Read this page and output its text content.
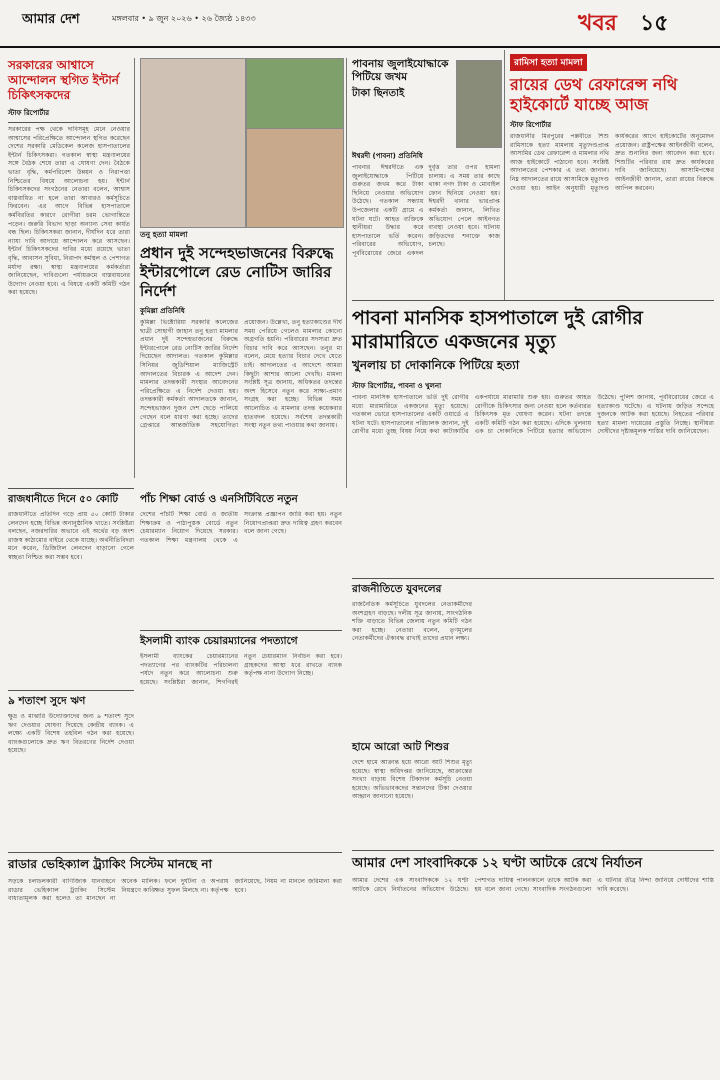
আমার দেশ	মঙ্গলবার • ৯ জুন ২০২৬ • ২৬ জ্যৈষ্ঠ ১৪৩৩	খবর ১৫
সরকারের আশ্বাসে আন্দোলন স্থগিত ইন্টার্ন চিকিৎসকদের
স্টাফ রিপোর্টার
সরকারের পক্ষ থেকে দাবিসমূহ মেনে নেওয়ার আশ্বাসের পরিপ্রেক্ষিতে আন্দোলন স্থগিত করেছেন দেশের সরকারি মেডিকেল কলেজ হাসপাতালের ইন্টার্ন চিকিৎসকরা। গতকাল স্বাস্থ্য মন্ত্রণালয়ের সঙ্গে বৈঠক শেষে তারা এ ঘোষণা দেন। বৈঠকে ভাতা বৃদ্ধি, কর্মপরিবেশ উন্নয়ন ও নিরাপত্তা নিশ্চিতের বিষয়ে আলোচনা হয়। ইন্টার্ন চিকিৎসকদের সংগঠনের নেতারা বলেন, আশ্বাস বাস্তবায়িত না হলে তারা আবারও কর্মসূচিতে ফিরবেন। এর আগে বিভিন্ন হাসপাতালে কর্মবিরতির কারণে রোগীরা চরম ভোগান্তিতে পড়েন। জরুরি বিভাগ ছাড়া অন্যান্য সেবা কার্যত বন্ধ ছিল। চিকিৎসকরা জানান, দীর্ঘদিন ধরে তারা ন্যায্য দাবি আদায়ে আন্দোলন করে আসছেন। ইন্টার্ন চিকিৎসকদের দাবির মধ্যে রয়েছে ভাতা বৃদ্ধি, আবাসন সুবিধা, নিরাপদ কর্মস্থল ও পেশাগত মর্যাদা রক্ষা। স্বাস্থ্য মন্ত্রণালয়ের কর্মকর্তারা জানিয়েছেন, দাবিগুলো পর্যায়ক্রমে বাস্তবায়নের উদ্যোগ নেওয়া হবে। এ বিষয়ে একটি কমিটি গঠন করা হয়েছে।
তনু হত্যা মামলা
প্রধান দুই সন্দেহভাজনের বিরুদ্ধে ইন্টারপোলে রেড নোটিস জারির নির্দেশ
কুমিল্লা প্রতিনিধি
কুমিল্লা ভিক্টোরিয়া সরকারি কলেজের ছাত্রী সোহাগী জাহান তনু হত্যা মামলার প্রধান দুই সন্দেহভাজনের বিরুদ্ধে ইন্টারপোলে রেড নোটিস জারির নির্দেশ দিয়েছেন আদালত। গতকাল কুমিল্লার সিনিয়র জুডিশিয়াল ম্যাজিস্ট্রেট আদালতের বিচারক এ আদেশ দেন। মামলার তদন্তকারী সংস্থার আবেদনের পরিপ্রেক্ষিতে এ নির্দেশ দেওয়া হয়। তদন্তকারী কর্মকর্তা আদালতকে জানান, সন্দেহভাজন দুজন দেশ ছেড়ে পালিয়ে গেছেন বলে ধারণা করা হচ্ছে। তাদের গ্রেপ্তারে আন্তর্জাতিক সহযোগিতা প্রয়োজন। উল্লেখ্য, তনু হত্যাকাণ্ডের দীর্ঘ সময় পেরিয়ে গেলেও মামলার কোনো অগ্রগতি হয়নি। পরিবারের সদস্যরা দ্রুত বিচার দাবি করে আসছেন। তনুর মা বলেন, মেয়ে হত্যার বিচার দেখে যেতে চাই। আদালতের এ আদেশে আমরা কিছুটা আশার আলো দেখছি। মামলা সংশ্লিষ্ট সূত্র জানায়, অধিকতর তদন্তের অংশ হিসেবে নতুন করে সাক্ষ্য-প্রমাণ সংগ্রহ করা হচ্ছে। বিভিন্ন সময় আলোচিত এ মামলার তদন্ত কয়েকবার হাতবদল হয়েছে। সর্বশেষ তদন্তকারী সংস্থা নতুন তথ্য পাওয়ার কথা জানায়।
পাবনায় জুলাইযোদ্ধাকে পিটিয়ে জখম
টাকা ছিনতাই
ঈশ্বরদী (পাবনা) প্রতিনিধি
পাবনার ঈশ্বরদীতে এক জুলাইযোদ্ধাকে পিটিয়ে গুরুতর জখম করে টাকা ছিনিয়ে নেওয়ার অভিযোগ উঠেছে। গতকাল সন্ধ্যায় উপজেলার একটি গ্রামে এ ঘটনা ঘটে। আহত ব্যক্তিকে স্থানীয়রা উদ্ধার করে হাসপাতালে ভর্তি করেন। পরিবারের অভিযোগ, পূর্ববিরোধের জেরে একদল দুর্বৃত্ত তার ওপর হামলা চালায়। এ সময় তার কাছে থাকা নগদ টাকা ও মোবাইল ফোন ছিনিয়ে নেওয়া হয়। ঈশ্বরদী থানার ভারপ্রাপ্ত কর্মকর্তা জানান, লিখিত অভিযোগ পেলে আইনগত ব্যবস্থা নেওয়া হবে। ঘটনায় জড়িতদের শনাক্তে কাজ চলছে।
রামিসা হত্যা মামলা
রায়ের ডেথ রেফারেন্স নথি হাইকোর্টে যাচ্ছে আজ
স্টাফ রিপোর্টার
রাজধানীর মিরপুরের পল্লবীতে শিশু রামিসাকে হত্যা মামলায় মৃত্যুদণ্ডপ্রাপ্ত আসামির ডেথ রেফারেন্স ও মামলার নথি আজ হাইকোর্টে পাঠানো হবে। সংশ্লিষ্ট আদালতের পেশকার এ তথ্য জানান। নিম্ন আদালতের রায়ে আসামিকে মৃত্যুদণ্ড দেওয়া হয়। আইন অনুযায়ী মৃত্যুদণ্ড কার্যকরের আগে হাইকোর্টের অনুমোদন প্রয়োজন। রাষ্ট্রপক্ষের আইনজীবী বলেন, দ্রুত শুনানির জন্য আবেদন করা হবে। শিশুটির পরিবার রায় দ্রুত কার্যকরের দাবি জানিয়েছে। আসামিপক্ষের আইনজীবী জানান, তারা রায়ের বিরুদ্ধে আপিল করবেন।
পাবনা মানসিক হাসপাতালে দুই রোগীর মারামারিতে একজনের মৃত্যু
খুনলায় চা দোকানিকে পিটিয়ে হত্যা
স্টাফ রিপোর্টার, পাবনা ও খুলনা
পাবনা মানসিক হাসপাতালে ভর্তি দুই রোগীর মধ্যে মারামারিতে একজনের মৃত্যু হয়েছে। গতকাল ভোরে হাসপাতালের একটি ওয়ার্ডে এ ঘটনা ঘটে। হাসপাতালের পরিচালক জানান, দুই রোগীর মধ্যে তুচ্ছ বিষয় নিয়ে কথা কাটাকাটির একপর্যায়ে মারামারি শুরু হয়। গুরুতর আহত রোগীকে চিকিৎসার জন্য নেওয়া হলে কর্তব্যরত চিকিৎসক মৃত ঘোষণা করেন। ঘটনা তদন্তে একটি কমিটি গঠন করা হয়েছে। এদিকে খুলনায় এক চা দোকানিকে পিটিয়ে হত্যার অভিযোগ উঠেছে। পুলিশ জানায়, পূর্ববিরোধের জেরে এ হত্যাকাণ্ড ঘটেছে। এ ঘটনায় জড়িত সন্দেহে দুজনকে আটক করা হয়েছে। নিহতের পরিবার হত্যা মামলা দায়েরের প্রস্তুতি নিচ্ছে। স্থানীয়রা দোষীদের দৃষ্টান্তমূলক শাস্তির দাবি জানিয়েছেন।
রাজধানীতে দিনে ৫০ কোটি
রাজধানীতে প্রতিদিন গড়ে প্রায় ৫০ কোটি টাকার লেনদেন হচ্ছে বিভিন্ন অনানুষ্ঠানিক খাতে। সংশ্লিষ্টরা বলছেন, নজরদারির অভাবে এই অর্থের বড় অংশ রাজস্ব কাঠামোর বাইরে থেকে যাচ্ছে। অর্থনীতিবিদরা মনে করেন, ডিজিটাল লেনদেন বাড়ানো গেলে স্বচ্ছতা নিশ্চিত করা সম্ভব হবে।
পাঁচ শিক্ষা বোর্ড ও এনসিটিবিতে নতুন
দেশের পাঁচটি শিক্ষা বোর্ড ও জাতীয় শিক্ষাক্রম ও পাঠ্যপুস্তক বোর্ডে নতুন চেয়ারম্যান নিয়োগ দিয়েছে সরকার। গতকাল শিক্ষা মন্ত্রণালয় থেকে এ সংক্রান্ত প্রজ্ঞাপন জারি করা হয়। নতুন নিয়োগপ্রাপ্তরা দ্রুত দায়িত্ব গ্রহণ করবেন বলে জানা গেছে।
৯ শতাংশ সুদে ঋণ
ক্ষুদ্র ও মাঝারি উদ্যোক্তাদের জন্য ৯ শতাংশ সুদে ঋণ দেওয়ার ঘোষণা দিয়েছে কেন্দ্রীয় ব্যাংক। এ লক্ষ্যে একটি বিশেষ তহবিল গঠন করা হয়েছে। ব্যাংকগুলোকে দ্রুত ঋণ বিতরণের নির্দেশ দেওয়া হয়েছে।
ইসলামী ব্যাংক চেয়ারম্যানের পদত্যাগে
ইসলামী ব্যাংকের চেয়ারম্যানের পদত্যাগের পর ব্যাংকটির পরিচালনা পর্ষদে নতুন করে আলোচনা শুরু হয়েছে। সংশ্লিষ্টরা জানান, শিগগিরই নতুন চেয়ারম্যান নির্বাচন করা হবে। গ্রাহকদের আস্থা ধরে রাখতে ব্যাংক কর্তৃপক্ষ নানা উদ্যোগ নিচ্ছে।
রাজনীতিতে যুবদলের
রাজনৈতিক কর্মসূচিতে যুবদলের নেতাকর্মীদের অংশগ্রহণ বাড়ছে। দলীয় সূত্র জানায়, সাংগঠনিক শক্তি বাড়াতে বিভিন্ন জেলায় নতুন কমিটি গঠন করা হচ্ছে। নেতারা বলেন, তৃণমূলের নেতাকর্মীদের ঐক্যবদ্ধ রাখাই তাদের প্রধান লক্ষ্য।
হামে আরো আট শিশুর
দেশে হামে আক্রান্ত হয়ে আরো আট শিশুর মৃত্যু হয়েছে। স্বাস্থ্য অধিদপ্তর জানিয়েছে, আক্রান্তের সংখ্যা বাড়ায় বিশেষ টিকাদান কর্মসূচি নেওয়া হয়েছে। অভিভাবকদের সন্তানদের টিকা দেওয়ার আহ্বান জানানো হয়েছে।
রাডার ভেহিক্যাল ট্র্যাকিং সিস্টেম মানছে না
সড়কে চলাচলকারী বাণিজ্যিক যানবাহনে রাডার ভেহিক্যাল ট্র্যাকিং সিস্টেম বাধ্যতামূলক করা হলেও তা মানছেন না অনেক মালিক। ফলে দুর্ঘটনা ও অপরাধ নিয়ন্ত্রণে কাঙ্ক্ষিত সুফল মিলছে না। কর্তৃপক্ষ জানিয়েছে, নিয়ম না মানলে জরিমানা করা হবে।
আমার দেশ সাংবাদিককে ১২ ঘণ্টা আটকে রেখে নির্যাতন
আমার দেশের এক সাংবাদিককে ১২ ঘণ্টা আটকে রেখে নির্যাতনের অভিযোগ উঠেছে। পেশাগত দায়িত্ব পালনকালে তাকে আটক করা হয় বলে জানা গেছে। সাংবাদিক সংগঠনগুলো এ ঘটনার তীব্র নিন্দা জানিয়ে দোষীদের শাস্তি দাবি করেছে।
